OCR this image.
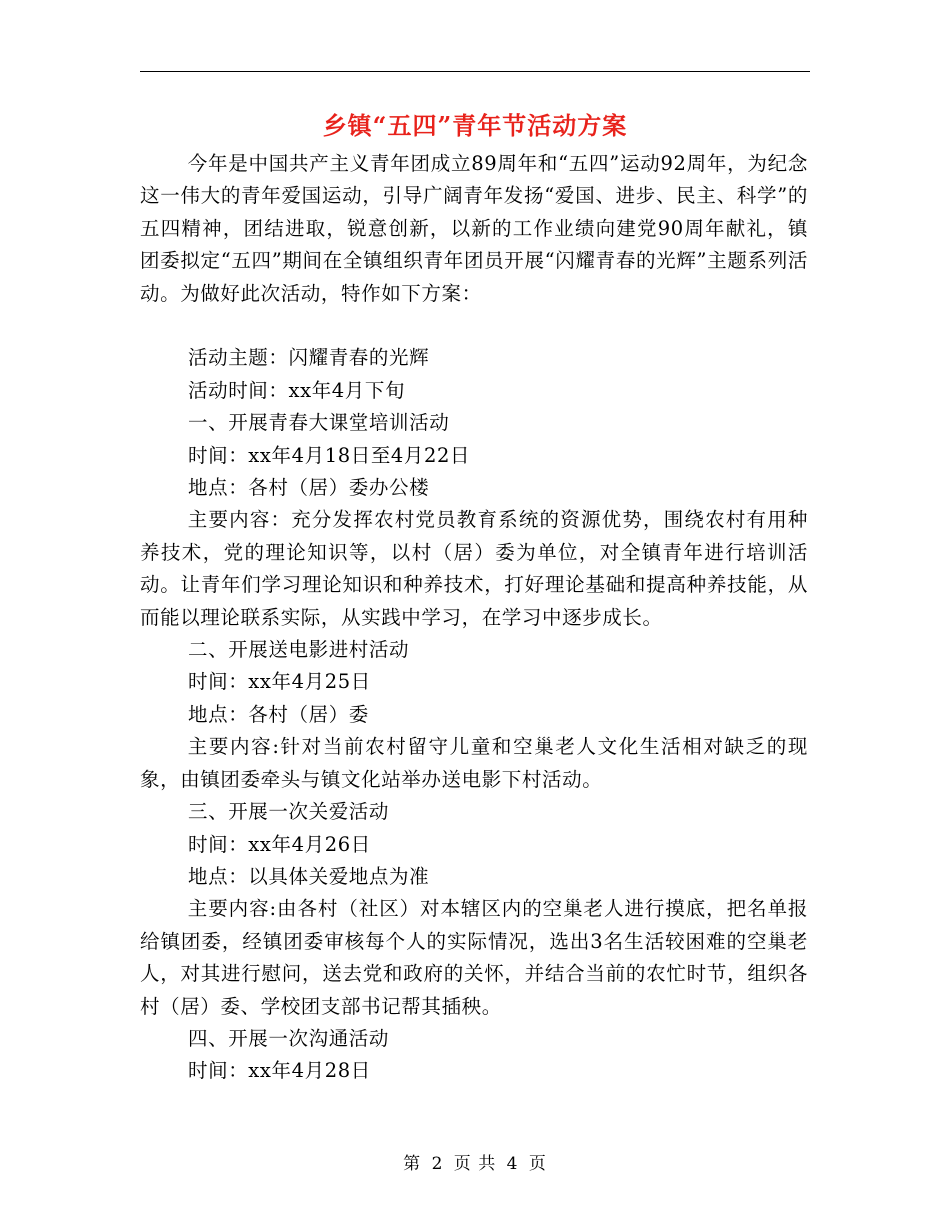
乡镇“五四”青年节活动方案

今年是中国共产主义青年团成立89周年和“五四”运动92周年，为纪念这一伟大的青年爱国运动，引导广阔青年发扬“爱国、进步、民主、科学”的五四精神，团结进取，锐意创新，以新的工作业绩向建党90周年献礼，镇团委拟定“五四”期间在全镇组织青年团员开展“闪耀青春的光辉”主题系列活动。为做好此次活动，特作如下方案：

活动主题：闪耀青春的光辉

活动时间：xx年4月下旬

一、开展青春大课堂培训活动

时间：xx年4月18日至4月22日

地点：各村（居）委办公楼

主要内容：充分发挥农村党员教育系统的资源优势，围绕农村有用种养技术，党的理论知识等，以村（居）委为单位，对全镇青年进行培训活动。让青年们学习理论知识和种养技术，打好理论基础和提高种养技能，从而能以理论联系实际，从实践中学习，在学习中逐步成长。

二、开展送电影进村活动

时间：xx年4月25日

地点：各村（居）委

主要内容:针对当前农村留守儿童和空巢老人文化生活相对缺乏的现象，由镇团委牵头与镇文化站举办送电影下村活动。

三、开展一次关爱活动

时间：xx年4月26日

地点：以具体关爱地点为准

主要内容:由各村（社区）对本辖区内的空巢老人进行摸底，把名单报给镇团委，经镇团委审核每个人的实际情况，选出3名生活较困难的空巢老人，对其进行慰问，送去党和政府的关怀，并结合当前的农忙时节，组织各村（居）委、学校团支部书记帮其插秧。

四、开展一次沟通活动

时间：xx年4月28日

第 2 页 共 4 页
